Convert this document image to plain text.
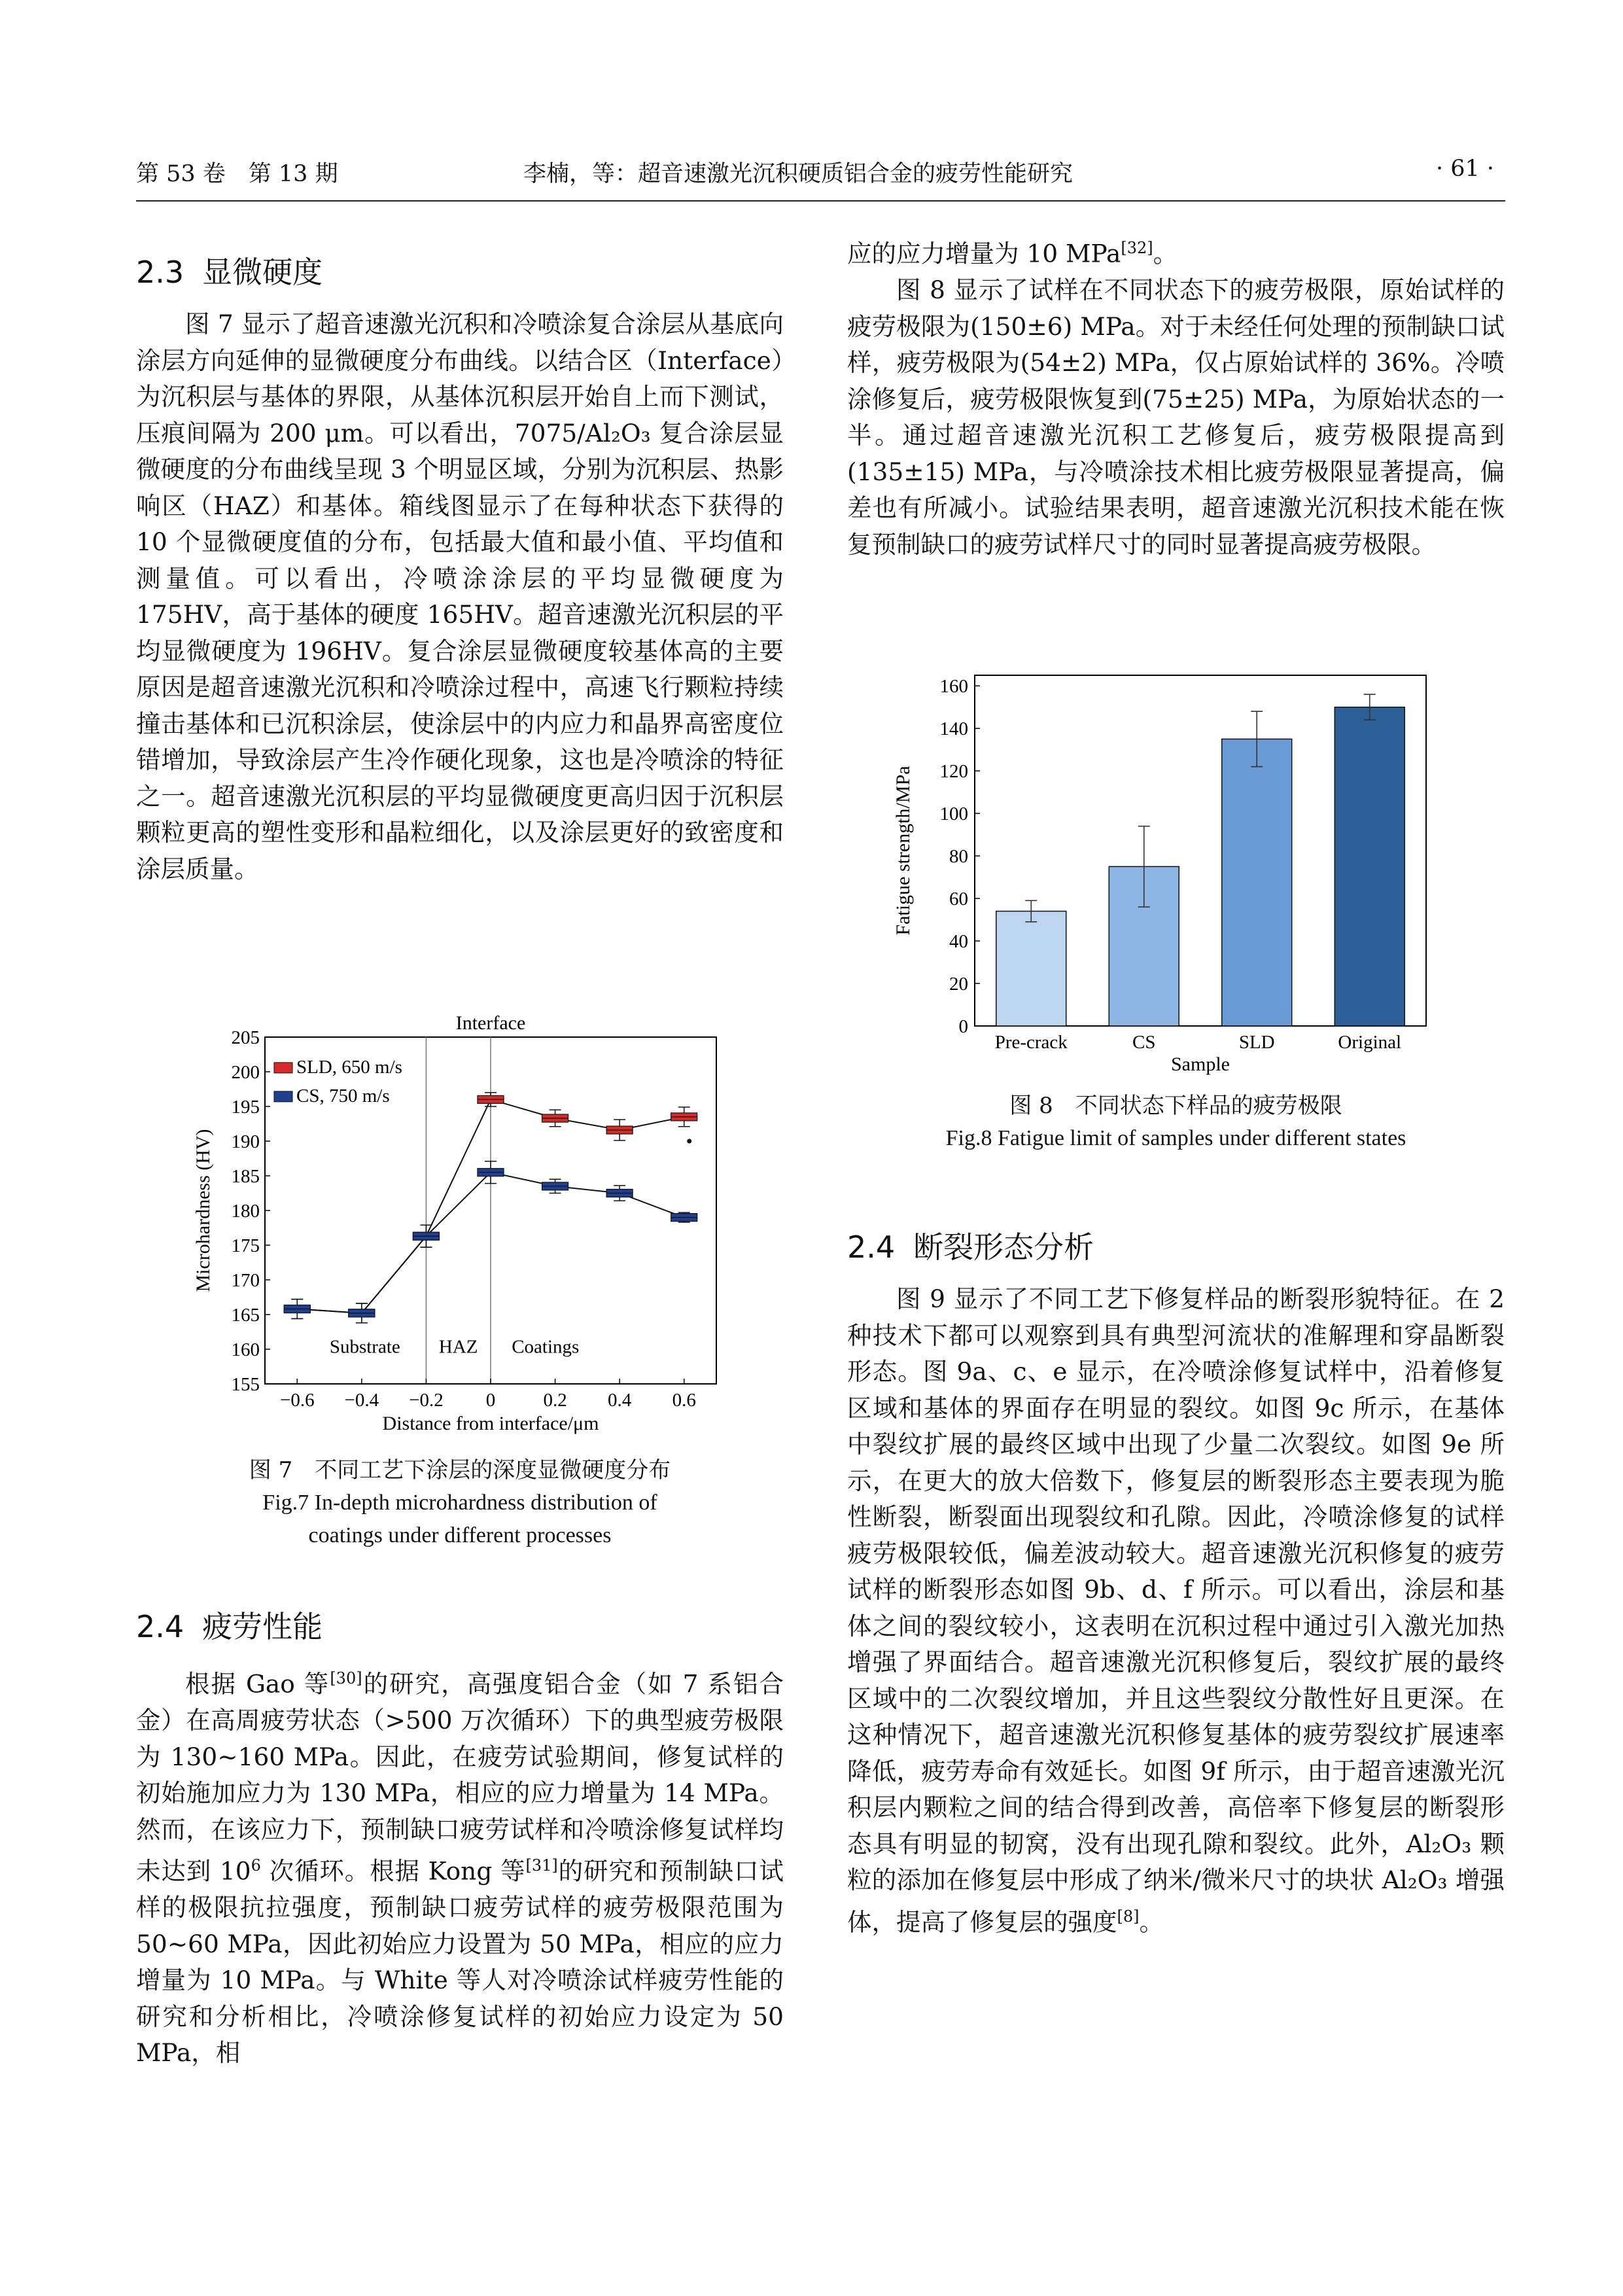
第 53 卷　第 13 期	李楠，等：超音速激光沉积硬质铝合金的疲劳性能研究	· 61 ·
2.3 显微硬度

图 7 显示了超音速激光沉积和冷喷涂复合涂层从基底向涂层方向延伸的显微硬度分布曲线。以结合区（Interface）为沉积层与基体的界限，从基体沉积层开始自上而下测试，压痕间隔为 200 μm。可以看出，7075/Al₂O₃ 复合涂层显微硬度的分布曲线呈现 3 个明显区域，分别为沉积层、热影响区（HAZ）和基体。箱线图显示了在每种状态下获得的 10 个显微硬度值的分布，包括最大值和最小值、平均值和测量值。可以看出，冷喷涂涂层的平均显微硬度为 175HV，高于基体的硬度 165HV。超音速激光沉积层的平均显微硬度为 196HV。复合涂层显微硬度较基体高的主要原因是超音速激光沉积和冷喷涂过程中，高速飞行颗粒持续撞击基体和已沉积涂层，使涂层中的内应力和晶界高密度位错增加，导致涂层产生冷作硬化现象，这也是冷喷涂的特征之一。超音速激光沉积层的平均显微硬度更高归因于沉积层颗粒更高的塑性变形和晶粒细化，以及涂层更好的致密度和涂层质量。

Interface
155
160
165
170
175
180
185
190
195
200
205
−0.6 −0.4 −0.2 0	0.2 0.4 0.6
Distance from interface/μm
Microhardness (HV)
Substrate HAZ Coatings
SLD, 650 m/s
CS, 750 m/s
图 7　不同工艺下涂层的深度显微硬度分布
Fig.7 In-depth microhardness distribution of
coatings under different processes
2.4 疲劳性能

根据 Gao 等[30]的研究，高强度铝合金（如 7 系铝合金）在高周疲劳状态（>500 万次循环）下的典型疲劳极限为 130~160 MPa。因此，在疲劳试验期间，修复试样的初始施加应力为 130 MPa，相应的应力增量为 14 MPa。然而，在该应力下，预制缺口疲劳试样和冷喷涂修复试样均未达到 $10^6$ 次循环。根据 Kong 等[31]的研究和预制缺口试样的极限抗拉强度，预制缺口疲劳试样的疲劳极限范围为 50~60 MPa，因此初始应力设置为 50 MPa，相应的应力增量为 10 MPa。与 White 等人对冷喷涂试样疲劳性能的研究和分析相比，冷喷涂修复试样的初始应力设定为 50 MPa，相

应的应力增量为 10 MPa[32]。

图 8 显示了试样在不同状态下的疲劳极限，原始试样的疲劳极限为(150±6) MPa。对于未经任何处理的预制缺口试样，疲劳极限为(54±2) MPa，仅占原始试样的 36%。冷喷涂修复后，疲劳极限恢复到(75±25) MPa，为原始状态的一半。通过超音速激光沉积工艺修复后，疲劳极限提高到(135±15) MPa，与冷喷涂技术相比疲劳极限显著提高，偏差也有所减小。试验结果表明，超音速激光沉积技术能在恢复预制缺口的疲劳试样尺寸的同时显著提高疲劳极限。

0
20
40
60
80
100
120
140
160
Fatigue strength/MPa
Pre-crack	CS	SLD	Original
Sample
图 8　不同状态下样品的疲劳极限
Fig.8 Fatigue limit of samples under different states
2.4 断裂形态分析

图 9 显示了不同工艺下修复样品的断裂形貌特征。在 2 种技术下都可以观察到具有典型河流状的准解理和穿晶断裂形态。图 9a、c、e 显示，在冷喷涂修复试样中，沿着修复区域和基体的界面存在明显的裂纹。如图 9c 所示，在基体中裂纹扩展的最终区域中出现了少量二次裂纹。如图 9e 所示，在更大的放大倍数下，修复层的断裂形态主要表现为脆性断裂，断裂面出现裂纹和孔隙。因此，冷喷涂修复的试样疲劳极限较低，偏差波动较大。超音速激光沉积修复的疲劳试样的断裂形态如图 9b、d、f 所示。可以看出，涂层和基体之间的裂纹较小，这表明在沉积过程中通过引入激光加热增强了界面结合。超音速激光沉积修复后，裂纹扩展的最终区域中的二次裂纹增加，并且这些裂纹分散性好且更深。在这种情况下，超音速激光沉积修复基体的疲劳裂纹扩展速率降低，疲劳寿命有效延长。如图 9f 所示，由于超音速激光沉积层内颗粒之间的结合得到改善，高倍率下修复层的断裂形态具有明显的韧窝，没有出现孔隙和裂纹。此外，Al₂O₃ 颗粒的添加在修复层中形成了纳米/微米尺寸的块状 Al₂O₃ 增强体，提高了修复层的强度[8]。
